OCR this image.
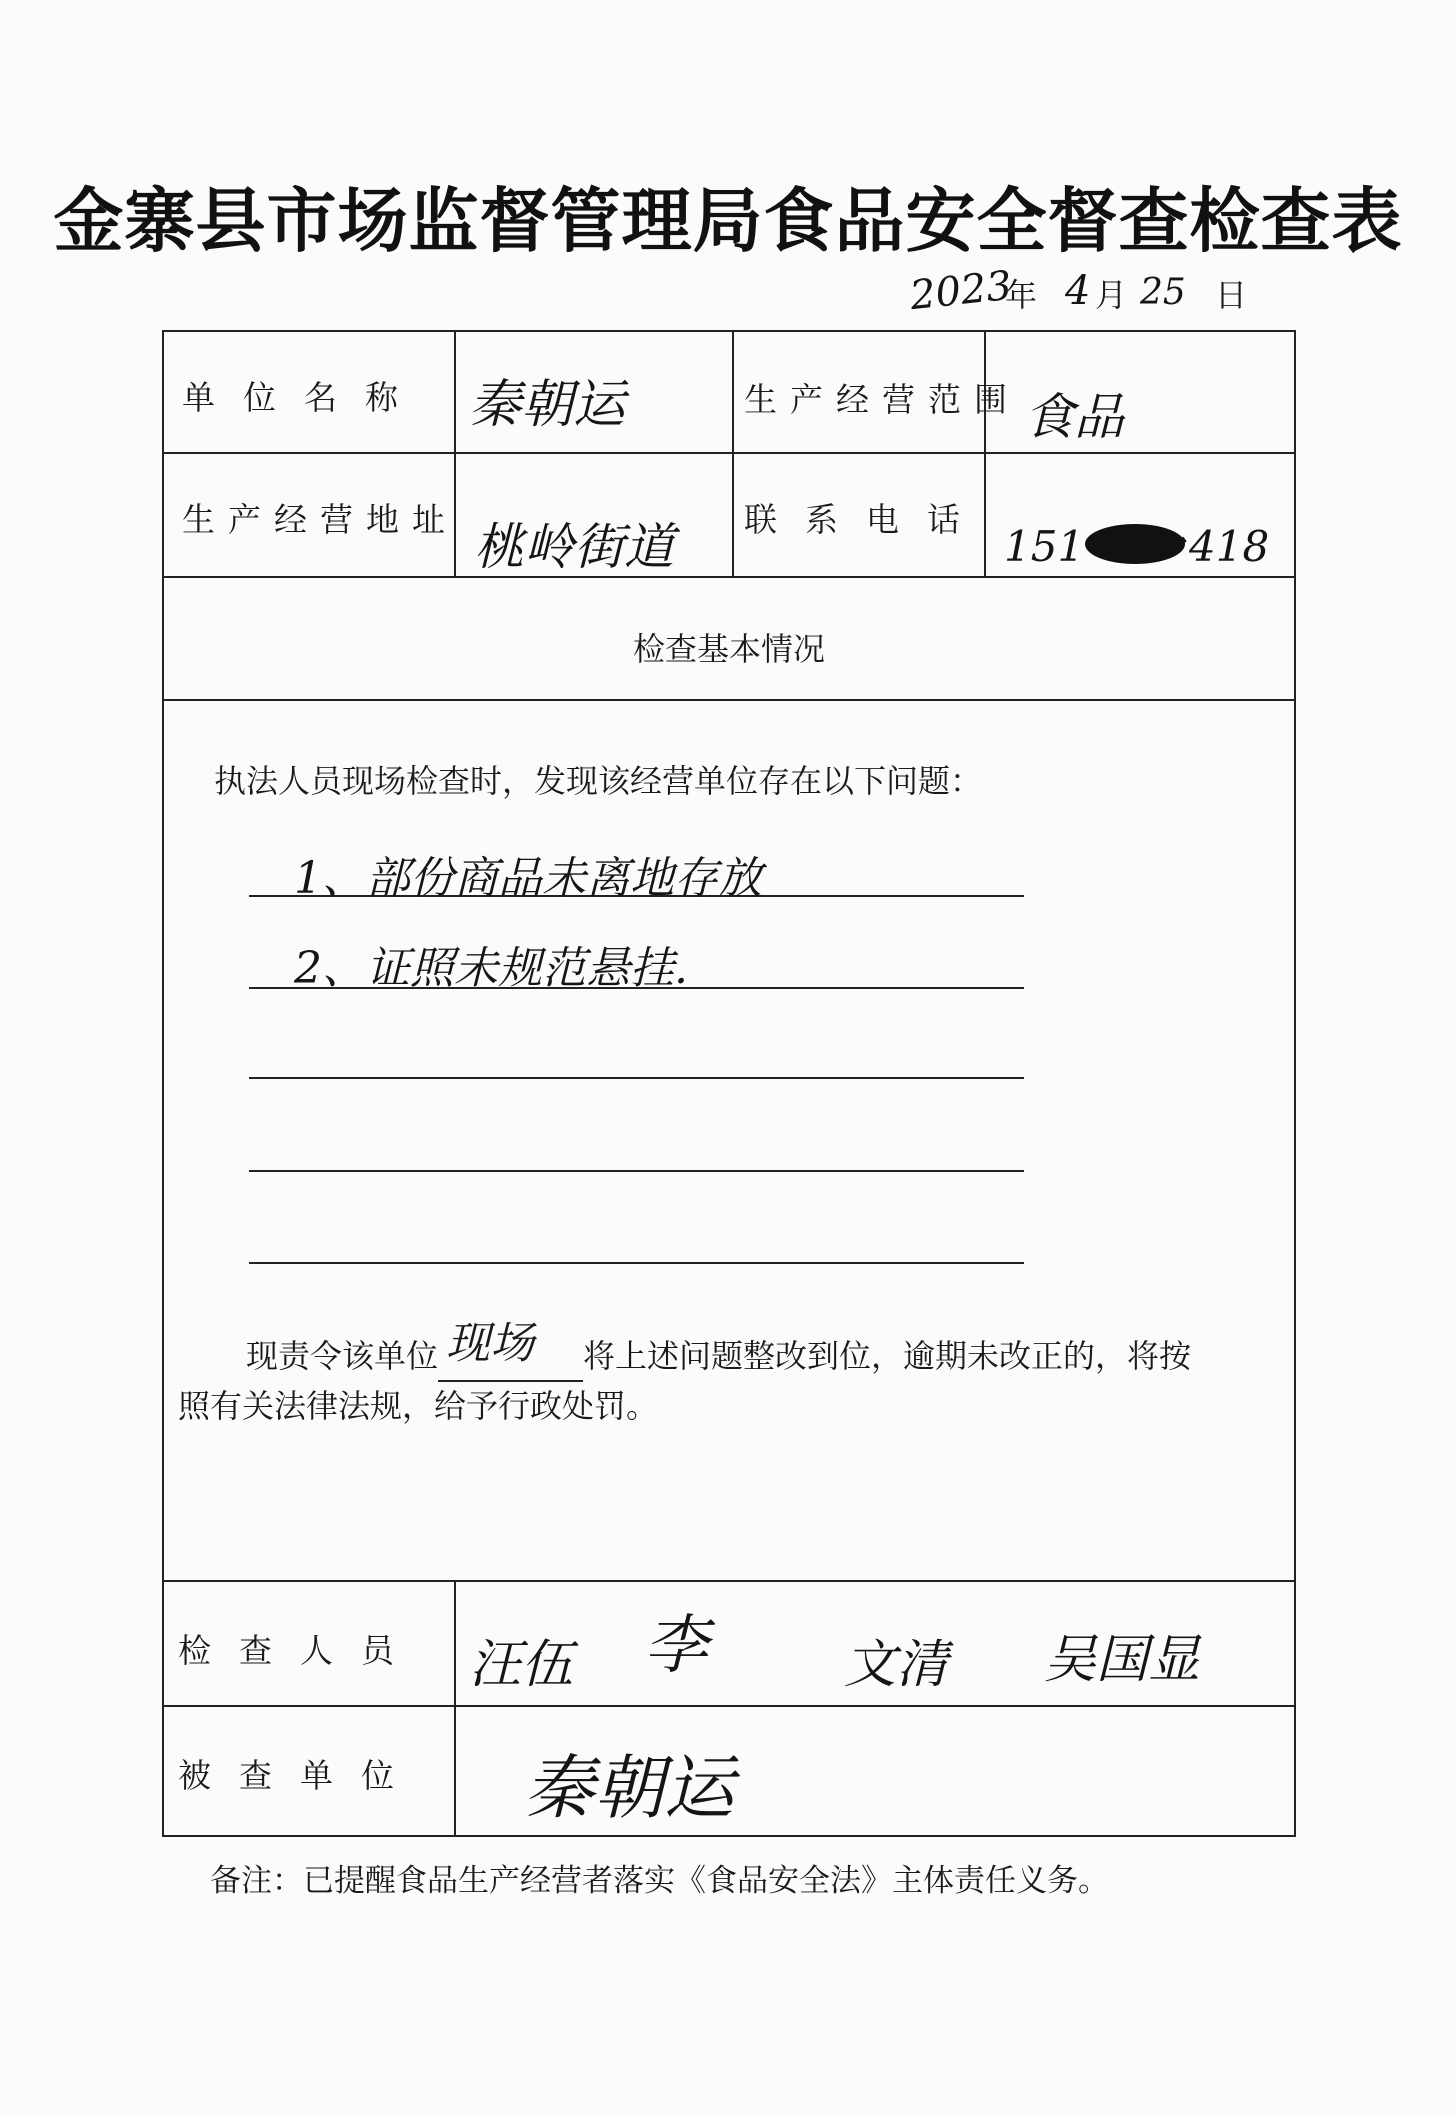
金寨县市场监督管理局食品安全督查检查表
2023
年 4 月 25 日
单位名称 秦朝运	生产经营范围 食品
生产经营地址 桃岭街道 联系电话
151 418
检查基本情况
执法人员现场检查时，发现该经营单位存在以下问题：
1、部份商品未离地存放
2、证照未规范悬挂.
现责令该单位 现场 将上述问题整改到位，逾期未改正的，将按
照有关法律法规，给予行政处罚。
检查人员 汪伍 李	文清 吴国显
被查单位 秦朝运
备注：已提醒食品生产经营者落实《食品安全法》主体责任义务。
